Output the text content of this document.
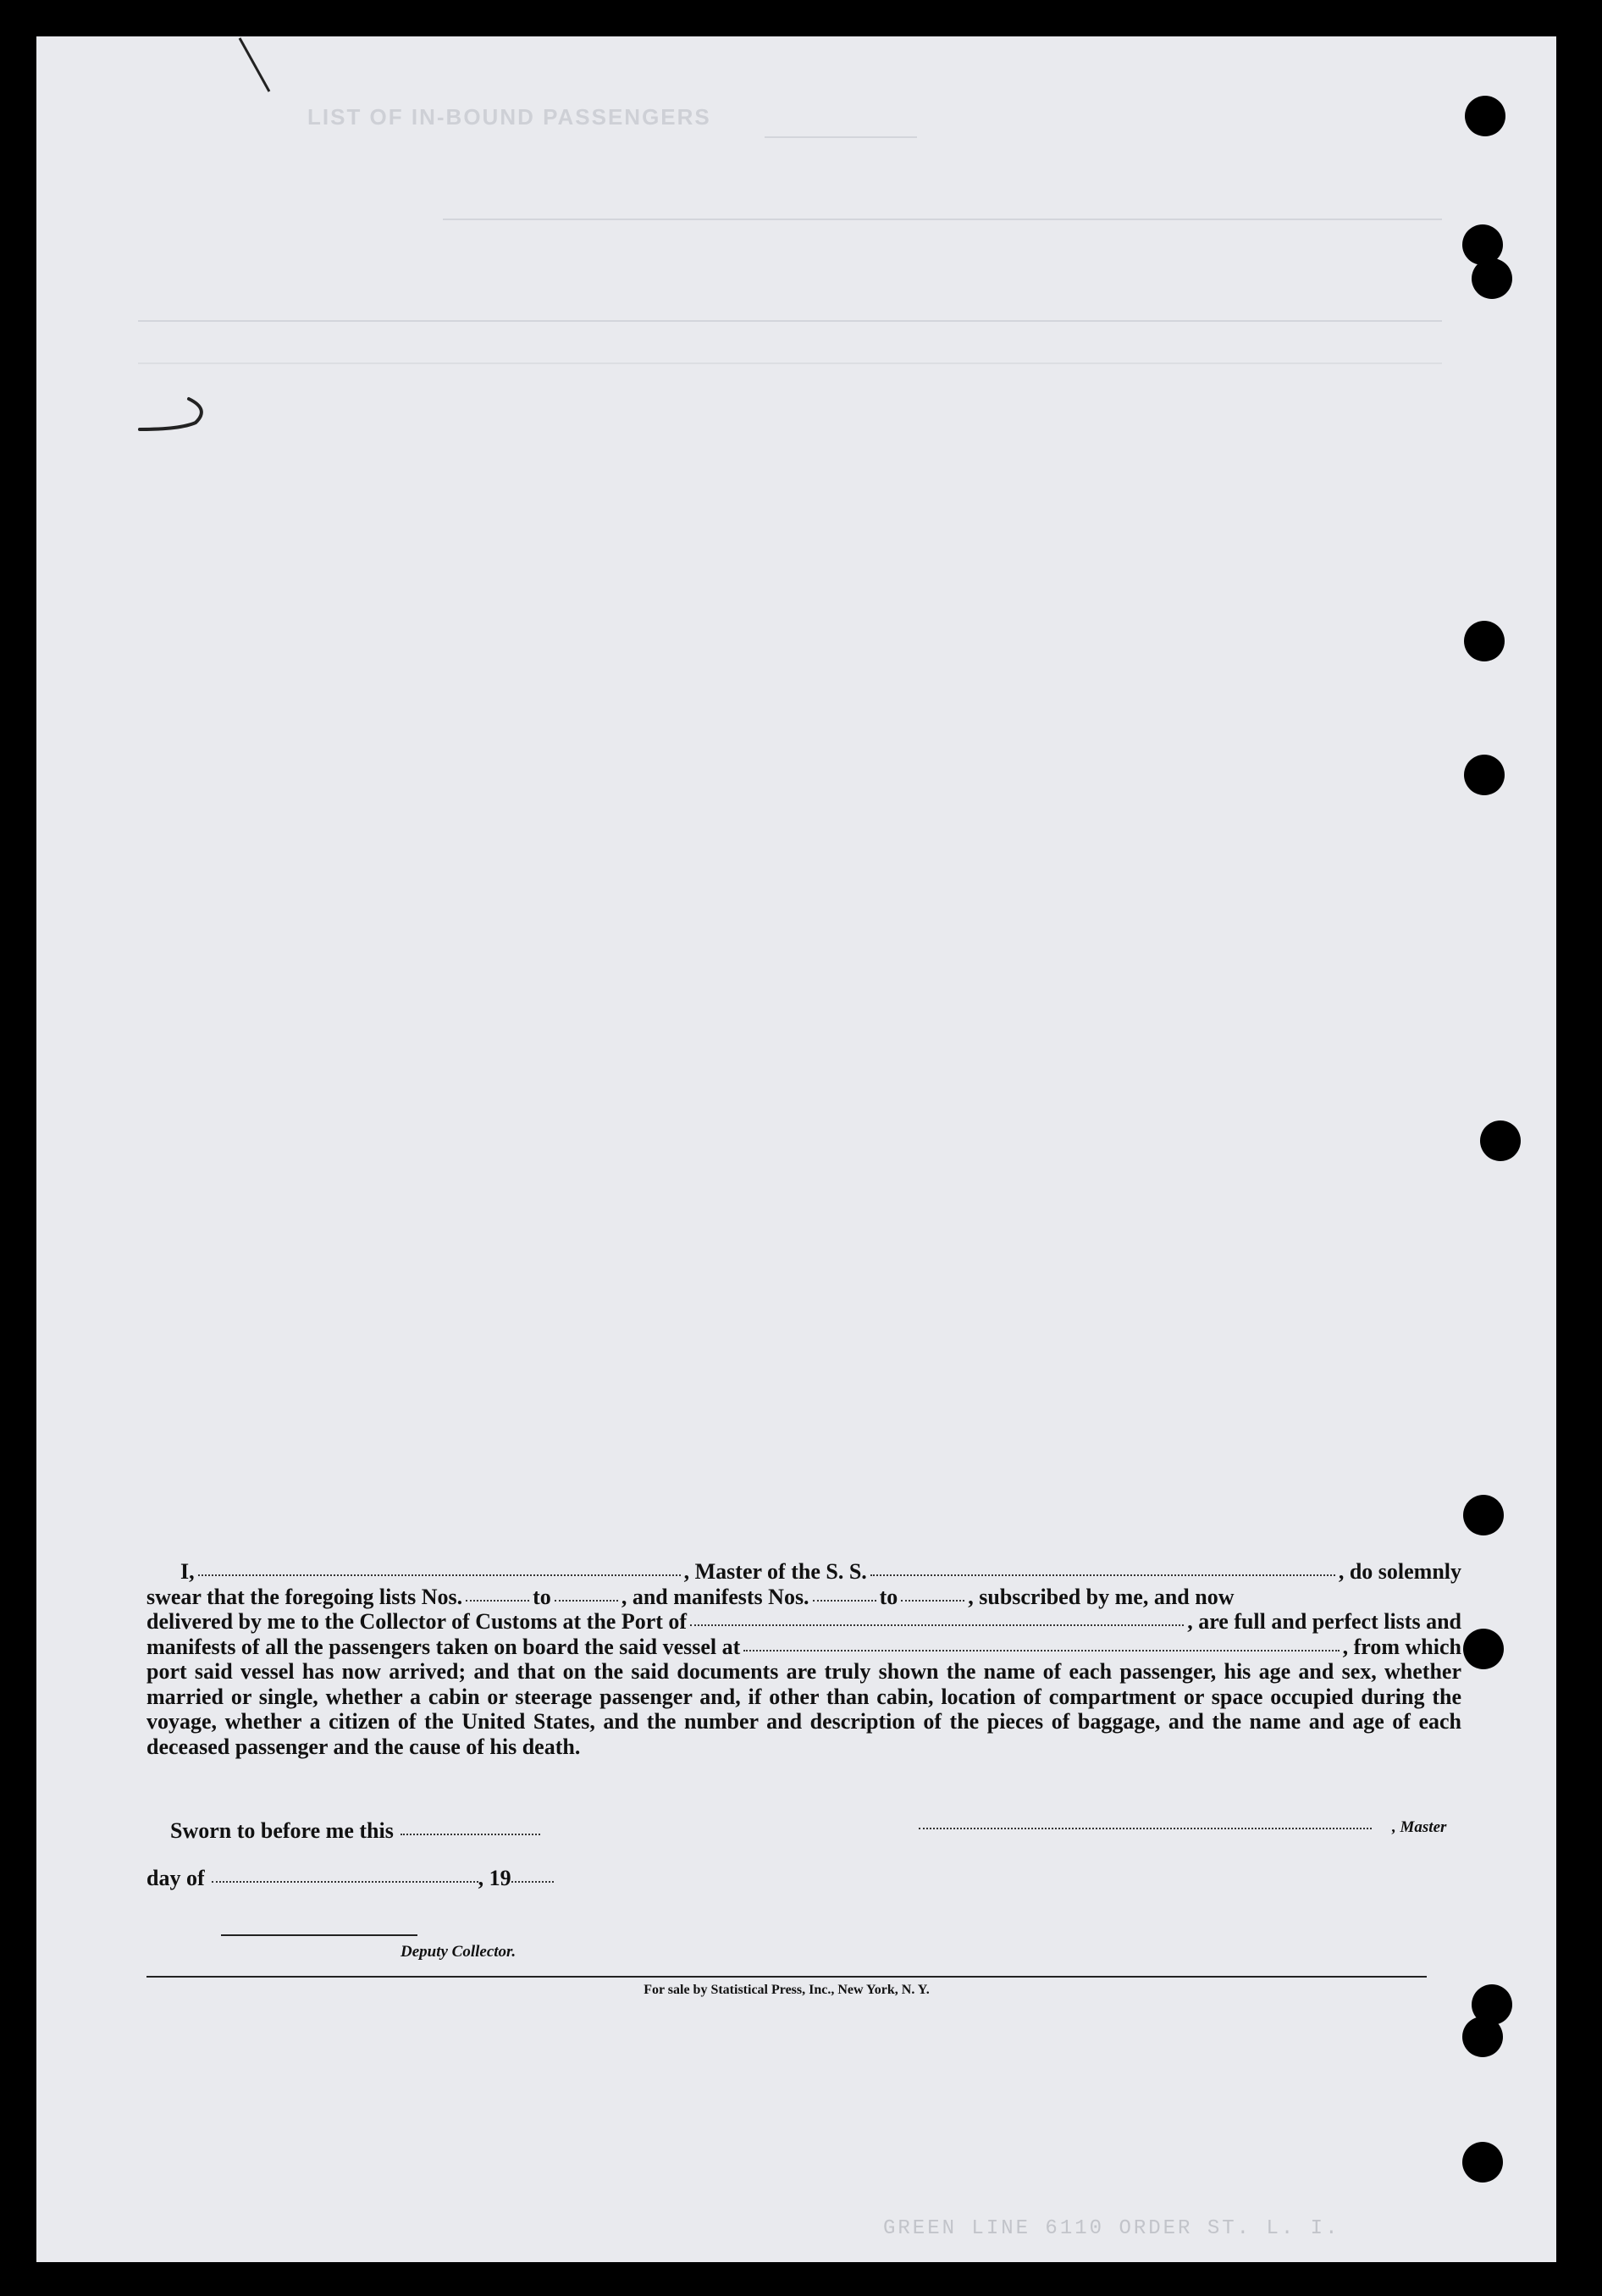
LIST OF IN-BOUND PASSENGERS
I,	, Master of the S. S.	, do solemnly
swear that the foregoing lists Nos.	to	, and manifests Nos.	to	, subscribed by me, and now
delivered by me to the Collector of Customs at the Port of	, are full and perfect lists and
manifests of all the passengers taken on board the said vessel at	, from which
port said vessel has now arrived; and that on the said documents are truly shown the name of each passenger, his age and sex, whether married or single, whether a cabin or steerage passenger and, if other than cabin, location of compartment or space occupied during the voyage, whether a citizen of the United States, and the number and description of the pieces of baggage, and the name and age of each deceased passenger and the cause of his death.
Sworn to before me this	, Master
day of	, 19
Deputy Collector.
For sale by Statistical Press, Inc., New York, N. Y.
GREEN LINE 6110 ORDER ST. L. I.
